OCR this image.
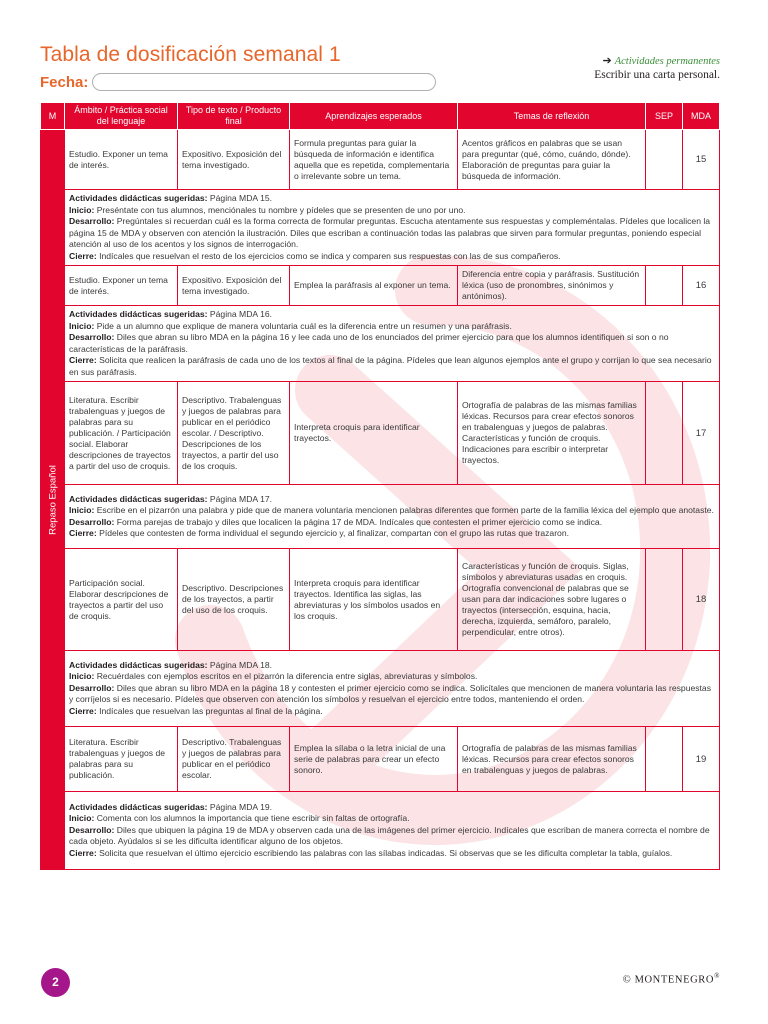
Tabla de dosificación semanal 1
Fecha:
➔ Actividades permanentes
Escribir una carta personal.
M	Ámbito / Práctica social del lenguaje	Tipo de texto / Producto final	Aprendizajes esperados	Temas de reflexión	SEP	MDA

Repaso Español	Estudio. Exponer un tema de interés.	Expositivo. Exposición del tema investigado.	Formula preguntas para guiar la búsqueda de información e identifica aquella que es repetida, complementaria o irrelevante sobre un tema.	Acentos gráficos en palabras que se usan para preguntar (qué, cómo, cuándo, dónde). Elaboración de preguntas para guiar la búsqueda de información.		15

	Actividades didácticas sugeridas: Página MDA 15.

Inicio: Preséntate con tus alumnos, menciónales tu nombre y pídeles que se presenten de uno por uno.

Desarrollo: Pregúntales si recuerdan cuál es la forma correcta de formular preguntas. Escucha atentamente sus respuestas y compleméntalas. Pídeles que localicen la página 15 de MDA y observen con atención la ilustración. Diles que escriban a continuación todas las palabras que sirven para formular preguntas, poniendo especial atención al uso de los acentos y los signos de interrogación.

Cierre: Indícales que resuelvan el resto de los ejercicios como se indica y comparen sus respuestas con las de sus compañeros.					

	Estudio. Exponer un tema de interés.	Expositivo. Exposición del tema investigado.	Emplea la paráfrasis al exponer un tema.	Diferencia entre copia y paráfrasis. Sustitución léxica (uso de pronombres, sinónimos y antónimos).		16

	Actividades didácticas sugeridas: Página MDA 16.

Inicio: Pide a un alumno que explique de manera voluntaria cuál es la diferencia entre un resumen y una paráfrasis.

Desarrollo: Diles que abran su libro MDA en la página 16 y lee cada uno de los enunciados del primer ejercicio para que los alumnos identifiquen si son o no características de la paráfrasis.

Cierre: Solicita que realicen la paráfrasis de cada uno de los textos al final de la página. Pídeles que lean algunos ejemplos ante el grupo y corrijan lo que sea necesario en sus paráfrasis.					

	Literatura. Escribir trabalenguas y juegos de palabras para su publicación. / Participación social. Elaborar descripciones de trayectos a partir del uso de croquis.	Descriptivo. Trabalenguas y juegos de palabras para publicar en el periódico escolar. / Descriptivo. Descripciones de los trayectos, a partir del uso de los croquis.	Interpreta croquis para identificar trayectos.	Ortografía de palabras de las mismas familias léxicas. Recursos para crear efectos sonoros en trabalenguas y juegos de palabras. Características y función de croquis. Indicaciones para escribir o interpretar trayectos.		17

	Actividades didácticas sugeridas: Página MDA 17.

Inicio: Escribe en el pizarrón una palabra y pide que de manera voluntaria mencionen palabras diferentes que formen parte de la familia léxica del ejemplo que anotaste.

Desarrollo: Forma parejas de trabajo y diles que localicen la página 17 de MDA. Indícales que contesten el primer ejercicio como se indica.

Cierre: Pídeles que contesten de forma individual el segundo ejercicio y, al finalizar, compartan con el grupo las rutas que trazaron.					

	Participación social. Elaborar descripciones de trayectos a partir del uso de croquis.	Descriptivo. Descripciones de los trayectos, a partir del uso de los croquis.	Interpreta croquis para identificar trayectos. Identifica las siglas, las abreviaturas y los símbolos usados en los croquis.	Características y función de croquis. Siglas, símbolos y abreviaturas usadas en croquis. Ortografía convencional de palabras que se usan para dar indicaciones sobre lugares o trayectos (intersección, esquina, hacia, derecha, izquierda, semáforo, paralelo, perpendicular, entre otros).		18

	Actividades didácticas sugeridas: Página MDA 18.

Inicio: Recuérdales con ejemplos escritos en el pizarrón la diferencia entre siglas, abreviaturas y símbolos.

Desarrollo: Diles que abran su libro MDA en la página 18 y contesten el primer ejercicio como se indica. Solicítales que mencionen de manera voluntaria las respuestas y corríjelos si es necesario. Pídeles que observen con atención los símbolos y resuelvan el ejercicio entre todos, manteniendo el orden.

Cierre: Indícales que resuelvan las preguntas al final de la página.					

	Literatura. Escribir trabalenguas y juegos de palabras para su publicación.	Descriptivo. Trabalenguas y juegos de palabras para publicar en el periódico escolar.	Emplea la sílaba o la letra inicial de una serie de palabras para crear un efecto sonoro.	Ortografía de palabras de las mismas familias léxicas. Recursos para crear efectos sonoros en trabalenguas y juegos de palabras.		19

	Actividades didácticas sugeridas: Página MDA 19.

Inicio: Comenta con los alumnos la importancia que tiene escribir sin faltas de ortografía.

Desarrollo: Diles que ubiquen la página 19 de MDA y observen cada una de las imágenes del primer ejercicio. Indícales que escriban de manera correcta el nombre de cada objeto. Ayúdalos si se les dificulta identificar alguno de los objetos.

Cierre: Solicita que resuelvan el último ejercicio escribiendo las palabras con las sílabas indicadas. Si observas que se les dificulta completar la tabla, guíalos.					

2	© MONTENEGRO®
